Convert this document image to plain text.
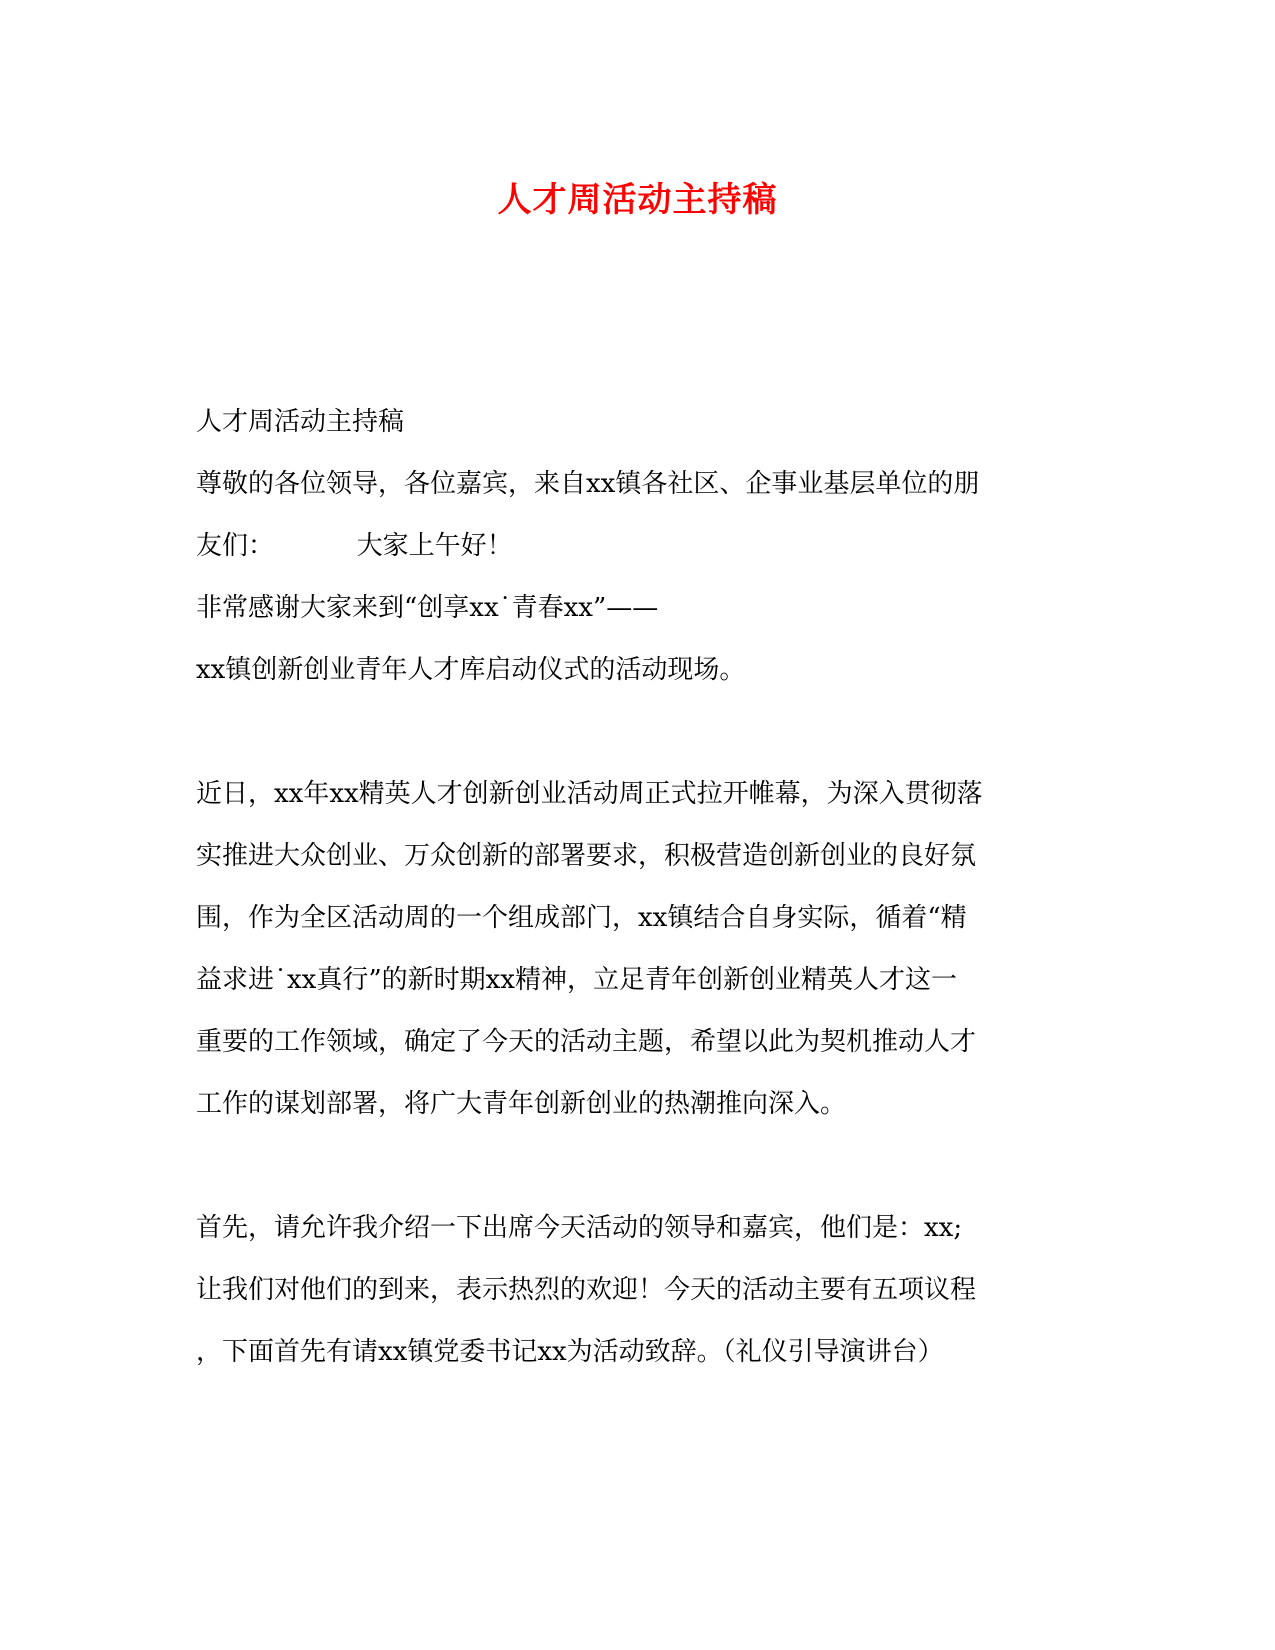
人才周活动主持稿

人才周活动主持稿

尊敬的各位领导，各位嘉宾，来自xx镇各社区、企事业基层单位的朋

友们：          大家上午好！

非常感谢大家来到“创享xx˙青春xx”——

xx镇创新创业青年人才库启动仪式的活动现场。

近日，xx年xx精英人才创新创业活动周正式拉开帷幕，为深入贯彻落

实推进大众创业、万众创新的部署要求，积极营造创新创业的良好氛

围，作为全区活动周的一个组成部门，xx镇结合自身实际，循着“精

益求进˙xx真行”的新时期xx精神，立足青年创新创业精英人才这一

重要的工作领域，确定了今天的活动主题，希望以此为契机推动人才

工作的谋划部署，将广大青年创新创业的热潮推向深入。

首先，请允许我介绍一下出席今天活动的领导和嘉宾，他们是：xx;

让我们对他们的到来，表示热烈的欢迎！今天的活动主要有五项议程

，下面首先有请xx镇党委书记xx为活动致辞。（礼仪引导演讲台）
